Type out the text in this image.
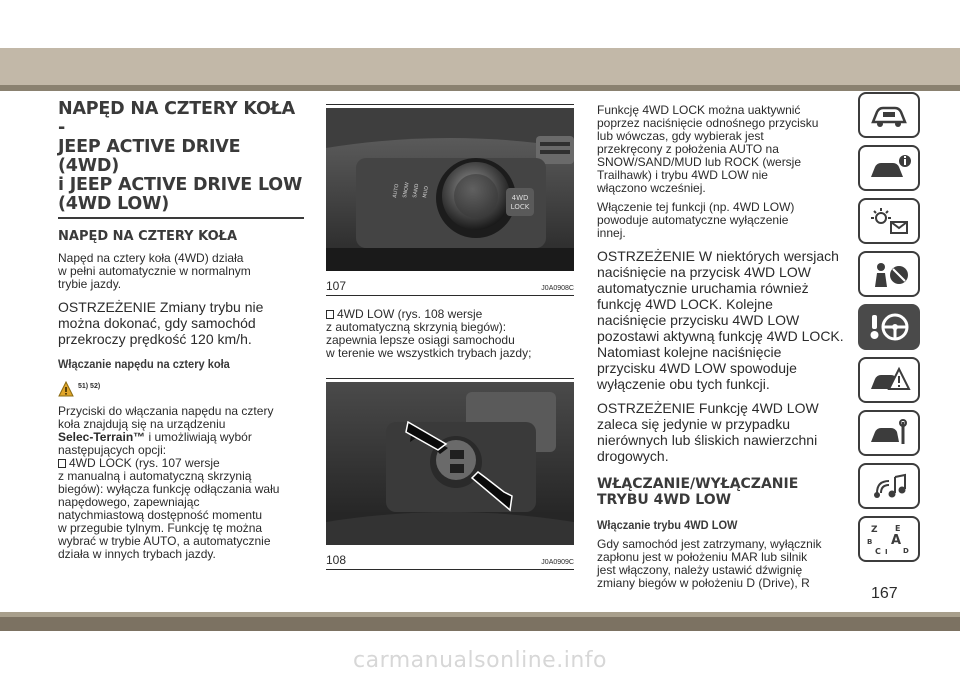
NAPĘD NA CZTERY KOŁA -
JEEP ACTIVE DRIVE (4WD)
i JEEP ACTIVE DRIVE LOW
(4WD LOW)
NAPĘD NA CZTERY KOŁA

Napęd na cztery koła (4WD) działa
w pełni automatycznie w normalnym
trybie jazdy.

OSTRZEŻENIE Zmiany trybu nie
można dokonać, gdy samochód
przekroczy prędkość 120 km/h.

Włączanie napędu na cztery koła
51) 52)

Przyciski do włączania napędu na cztery
koła znajdują się na urządzeniu
Selec-Terrain™ i umożliwiają wybór
następujących opcji:
4WD LOCK (rys. 107 wersje
z manualną i automatyczną skrzynią
biegów): wyłącza funkcję odłączania wału
napędowego, zapewniając
natychmiastową dostępność momentu
w przegubie tylnym. Funkcję tę można
wybrać w trybie AUTO, a automatycznie
działa w innych trybach jazdy.

4WD
LOCK
AUTO SNOW SAND MUD
107	J0A0908C

4WD LOW (rys. 108 wersje
z automatyczną skrzynią biegów):
zapewnia lepsze osiągi samochodu
w terenie we wszystkich trybach jazdy;

108	J0A0909C

Funkcję 4WD LOCK można uaktywnić
poprzez naciśnięcie odnośnego przycisku
lub wówczas, gdy wybierak jest
przekręcony z położenia AUTO na
SNOW/SAND/MUD lub ROCK (wersje
Trailhawk) i trybu 4WD LOW nie
włączono wcześniej.

Włączenie tej funkcji (np. 4WD LOW)
powoduje automatyczne wyłączenie
innej.

OSTRZEŻENIE W niektórych wersjach
naciśnięcie na przycisk 4WD LOW
automatycznie uruchamia również
funkcję 4WD LOCK. Kolejne
naciśnięcie przycisku 4WD LOW
pozostawi aktywną funkcję 4WD LOCK.
Natomiast kolejne naciśnięcie
przycisku 4WD LOW spowoduje
wyłączenie obu tych funkcji.

OSTRZEŻENIE Funkcję 4WD LOW
zaleca się jedynie w przypadku
nierównych lub śliskich nawierzchni
drogowych.

WŁĄCZANIE/WYŁĄCZANIE
TRYBU 4WD LOW
Włączanie trybu 4WD LOW

Gdy samochód jest zatrzymany, wyłącznik
zapłonu jest w położeniu MAR lub silnik
jest włączony, należy ustawić dźwignię
zmiany biegów w położeniu D (Drive), R

Z E
B A
C	D
I
167
carmanualsonline.info
